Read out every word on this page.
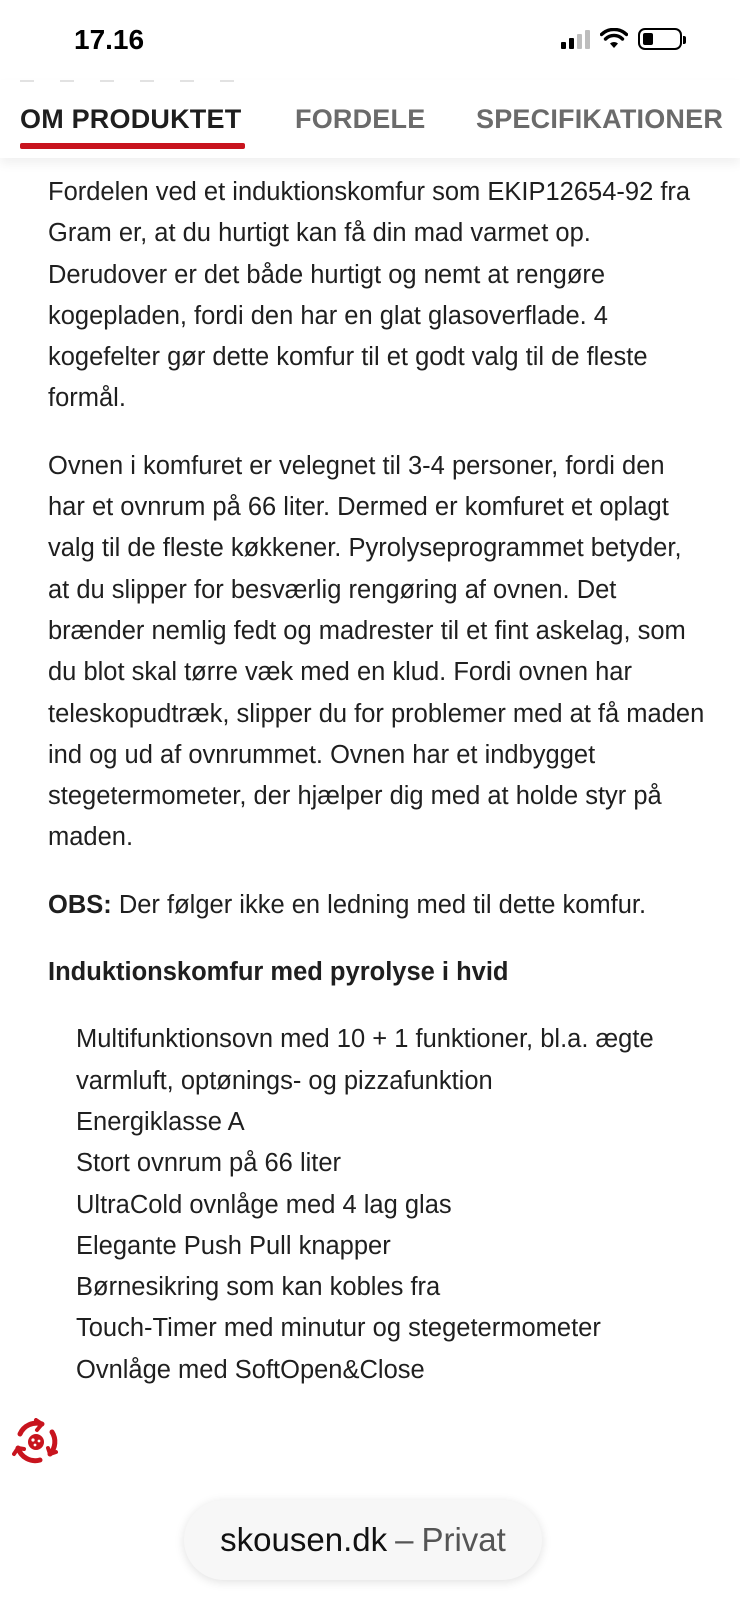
17.16
OM PRODUKTET FORDELE SPECIFIKATIONER

Fordelen ved et induktionskomfur som EKIP12654-92 fra Gram er, at du hurtigt kan få din mad varmet op. Derudover er det både hurtigt og nemt at rengøre kogepladen, fordi den har en glat glasoverflade. 4 kogefelter gør dette komfur til et godt valg til de fleste formål.

Ovnen i komfuret er velegnet til 3-4 personer, fordi den har et ovnrum på 66 liter. Dermed er komfuret et oplagt valg til de fleste køkkener. Pyrolyseprogrammet betyder, at du slipper for besværlig rengøring af ovnen. Det brænder nemlig fedt og madrester til et fint askelag, som du blot skal tørre væk med en klud. Fordi ovnen har teleskopudtræk, slipper du for problemer med at få maden ind og ud af ovnrummet. Ovnen har et indbygget stegetermometer, der hjælper dig med at holde styr på maden.

OBS: Der følger ikke en ledning med til dette komfur.

Induktionskomfur med pyrolyse i hvid
Multifunktionsovn med 10 + 1 funktioner, bl.a. ægte varmluft, optønings- og pizzafunktion
Energiklasse A
Stort ovnrum på 66 liter
UltraCold ovnlåge med 4 lag glas
Elegante Push Pull knapper
Børnesikring som kan kobles fra
Touch-Timer med minutur og stegetermometer
Ovnlåge med SoftOpen&Close
skousen.dk – Privat
